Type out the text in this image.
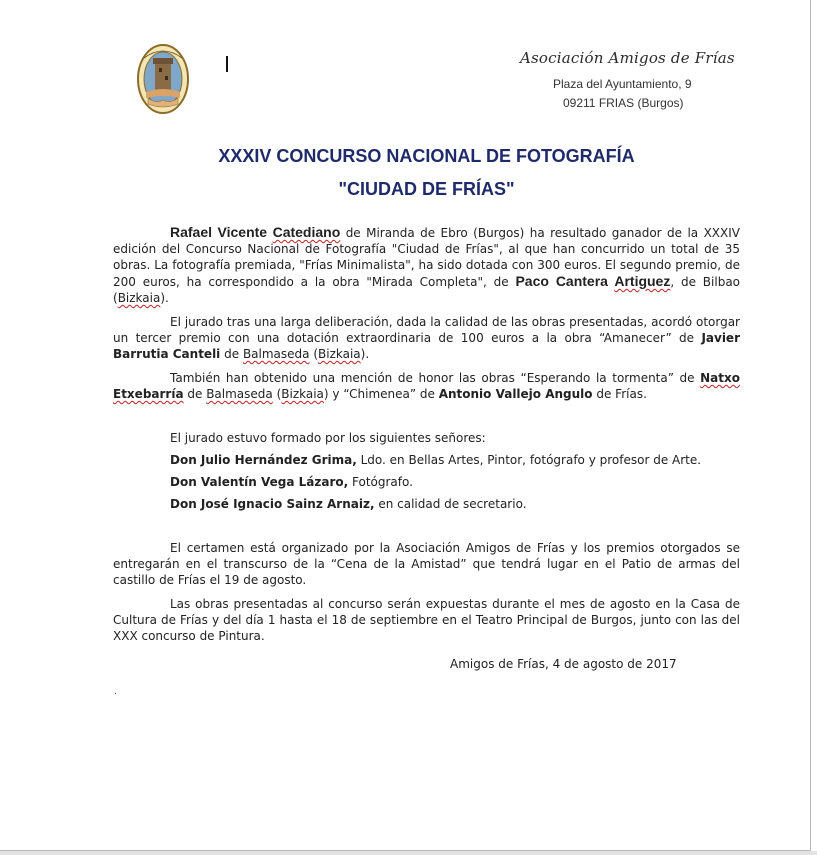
Asociación Amigos de Frías
Plaza del Ayuntamiento, 9
09211 FRIAS (Burgos)
XXXIV CONCURSO NACIONAL DE FOTOGRAFÍA
"CIUDAD DE FRÍAS"

Rafael Vicente Catediano de Miranda de Ebro (Burgos) ha resultado ganador de la XXXIV edición del Concurso Nacional de Fotografía "Ciudad de Frías", al que han concurrido un total de 35 obras. La fotografía premiada, "Frías Minimalista", ha sido dotada con 300 euros. El segundo premio, de 200 euros, ha correspondido a la obra "Mirada Completa", de Paco Cantera Artiguez, de Bilbao (Bizkaia).

El jurado tras una larga deliberación, dada la calidad de las obras presentadas, acordó otorgar un tercer premio con una dotación extraordinaria de 100 euros a la obra “Amanecer” de Javier Barrutia Canteli de Balmaseda (Bizkaia).

También han obtenido una mención de honor las obras “Esperando la tormenta” de Natxo Etxebarría de Balmaseda (Bizkaia) y “Chimenea” de Antonio Vallejo Angulo de Frías.

El jurado estuvo formado por los siguientes señores:

Don Julio Hernández Grima, Ldo. en Bellas Artes, Pintor, fotógrafo y profesor de Arte.
Don Valentín Vega Lázaro, Fotógrafo.
Don José Ignacio Sainz Arnaiz, en calidad de secretario.

El certamen está organizado por la Asociación Amigos de Frías y los premios otorgados se entregarán en el transcurso de la “Cena de la Amistad” que tendrá lugar en el Patio de armas del castillo de Frías el 19 de agosto.

Las obras presentadas al concurso serán expuestas durante el mes de agosto en la Casa de Cultura de Frías y del día 1 hasta el 18 de septiembre en el Teatro Principal de Burgos, junto con las del XXX concurso de Pintura.

Amigos de Frías, 4 de agosto de 2017
.
